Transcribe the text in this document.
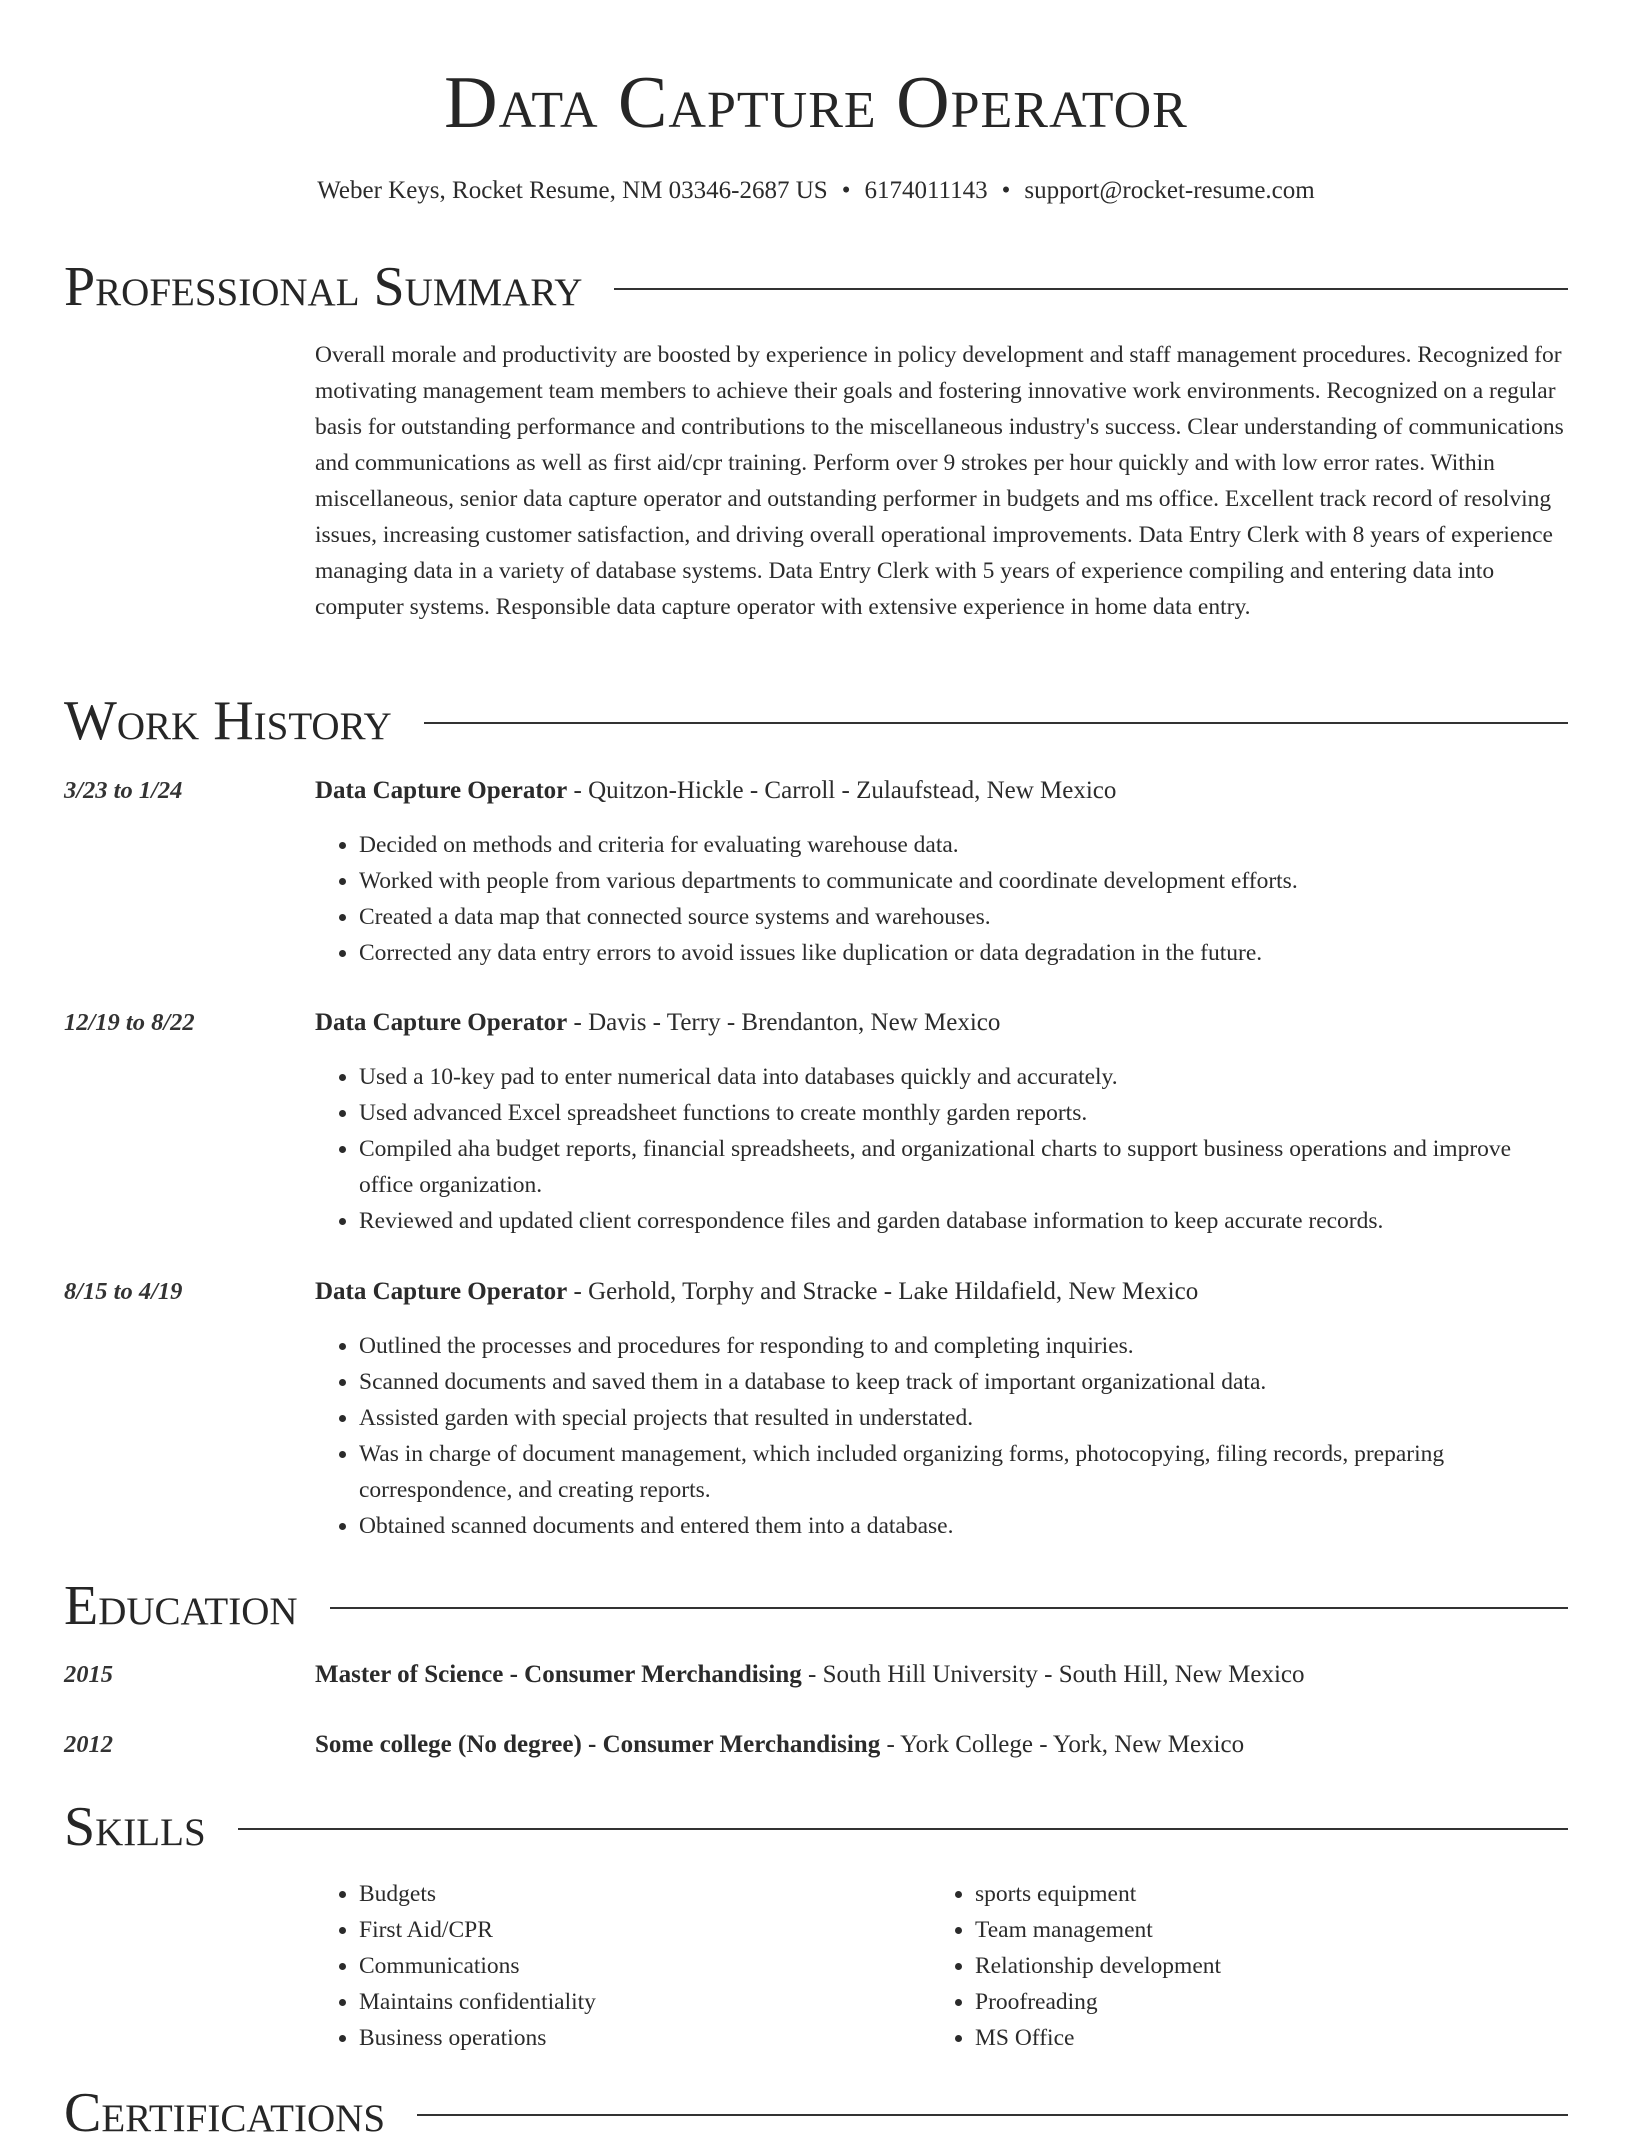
Data Capture Operator
Weber Keys, Rocket Resume, NM 03346-2687 US • 6174011143 • support@rocket-resume.com
Professional Summary
Overall morale and productivity are boosted by experience in policy development and staff management procedures. Recognized for motivating management team members to achieve their goals and fostering innovative work environments. Recognized on a regular basis for outstanding performance and contributions to the miscellaneous industry's success. Clear understanding of communications and communications as well as first aid/cpr training. Perform over 9 strokes per hour quickly and with low error rates. Within miscellaneous, senior data capture operator and outstanding performer in budgets and ms office. Excellent track record of resolving issues, increasing customer satisfaction, and driving overall operational improvements. Data Entry Clerk with 8 years of experience managing data in a variety of database systems. Data Entry Clerk with 5 years of experience compiling and entering data into computer systems. Responsible data capture operator with extensive experience in home data entry.
Work History
3/23 to 1/24	Data Capture Operator - Quitzon-Hickle - Carroll - Zulaufstead, New Mexico
• Decided on methods and criteria for evaluating warehouse data.
• Worked with people from various departments to communicate and coordinate development efforts.
• Created a data map that connected source systems and warehouses.
• Corrected any data entry errors to avoid issues like duplication or data degradation in the future.
12/19 to 8/22	Data Capture Operator - Davis - Terry - Brendanton, New Mexico
• Used a 10-key pad to enter numerical data into databases quickly and accurately.
• Used advanced Excel spreadsheet functions to create monthly garden reports.
• Compiled aha budget reports, financial spreadsheets, and organizational charts to support business operations and improve office organization.
• Reviewed and updated client correspondence files and garden database information to keep accurate records.
8/15 to 4/19	Data Capture Operator - Gerhold, Torphy and Stracke - Lake Hildafield, New Mexico
• Outlined the processes and procedures for responding to and completing inquiries.
• Scanned documents and saved them in a database to keep track of important organizational data.
• Assisted garden with special projects that resulted in understated.
• Was in charge of document management, which included organizing forms, photocopying, filing records, preparing correspondence, and creating reports.
• Obtained scanned documents and entered them into a database.
Education
2015	Master of Science - Consumer Merchandising - South Hill University - South Hill, New Mexico
2012	Some college (No degree) - Consumer Merchandising - York College - York, New Mexico
Skills
• Budgets
• First Aid/CPR
• Communications
• Maintains confidentiality
• Business operations
• sports equipment
• Team management
• Relationship development
• Proofreading
• MS Office
Certifications
